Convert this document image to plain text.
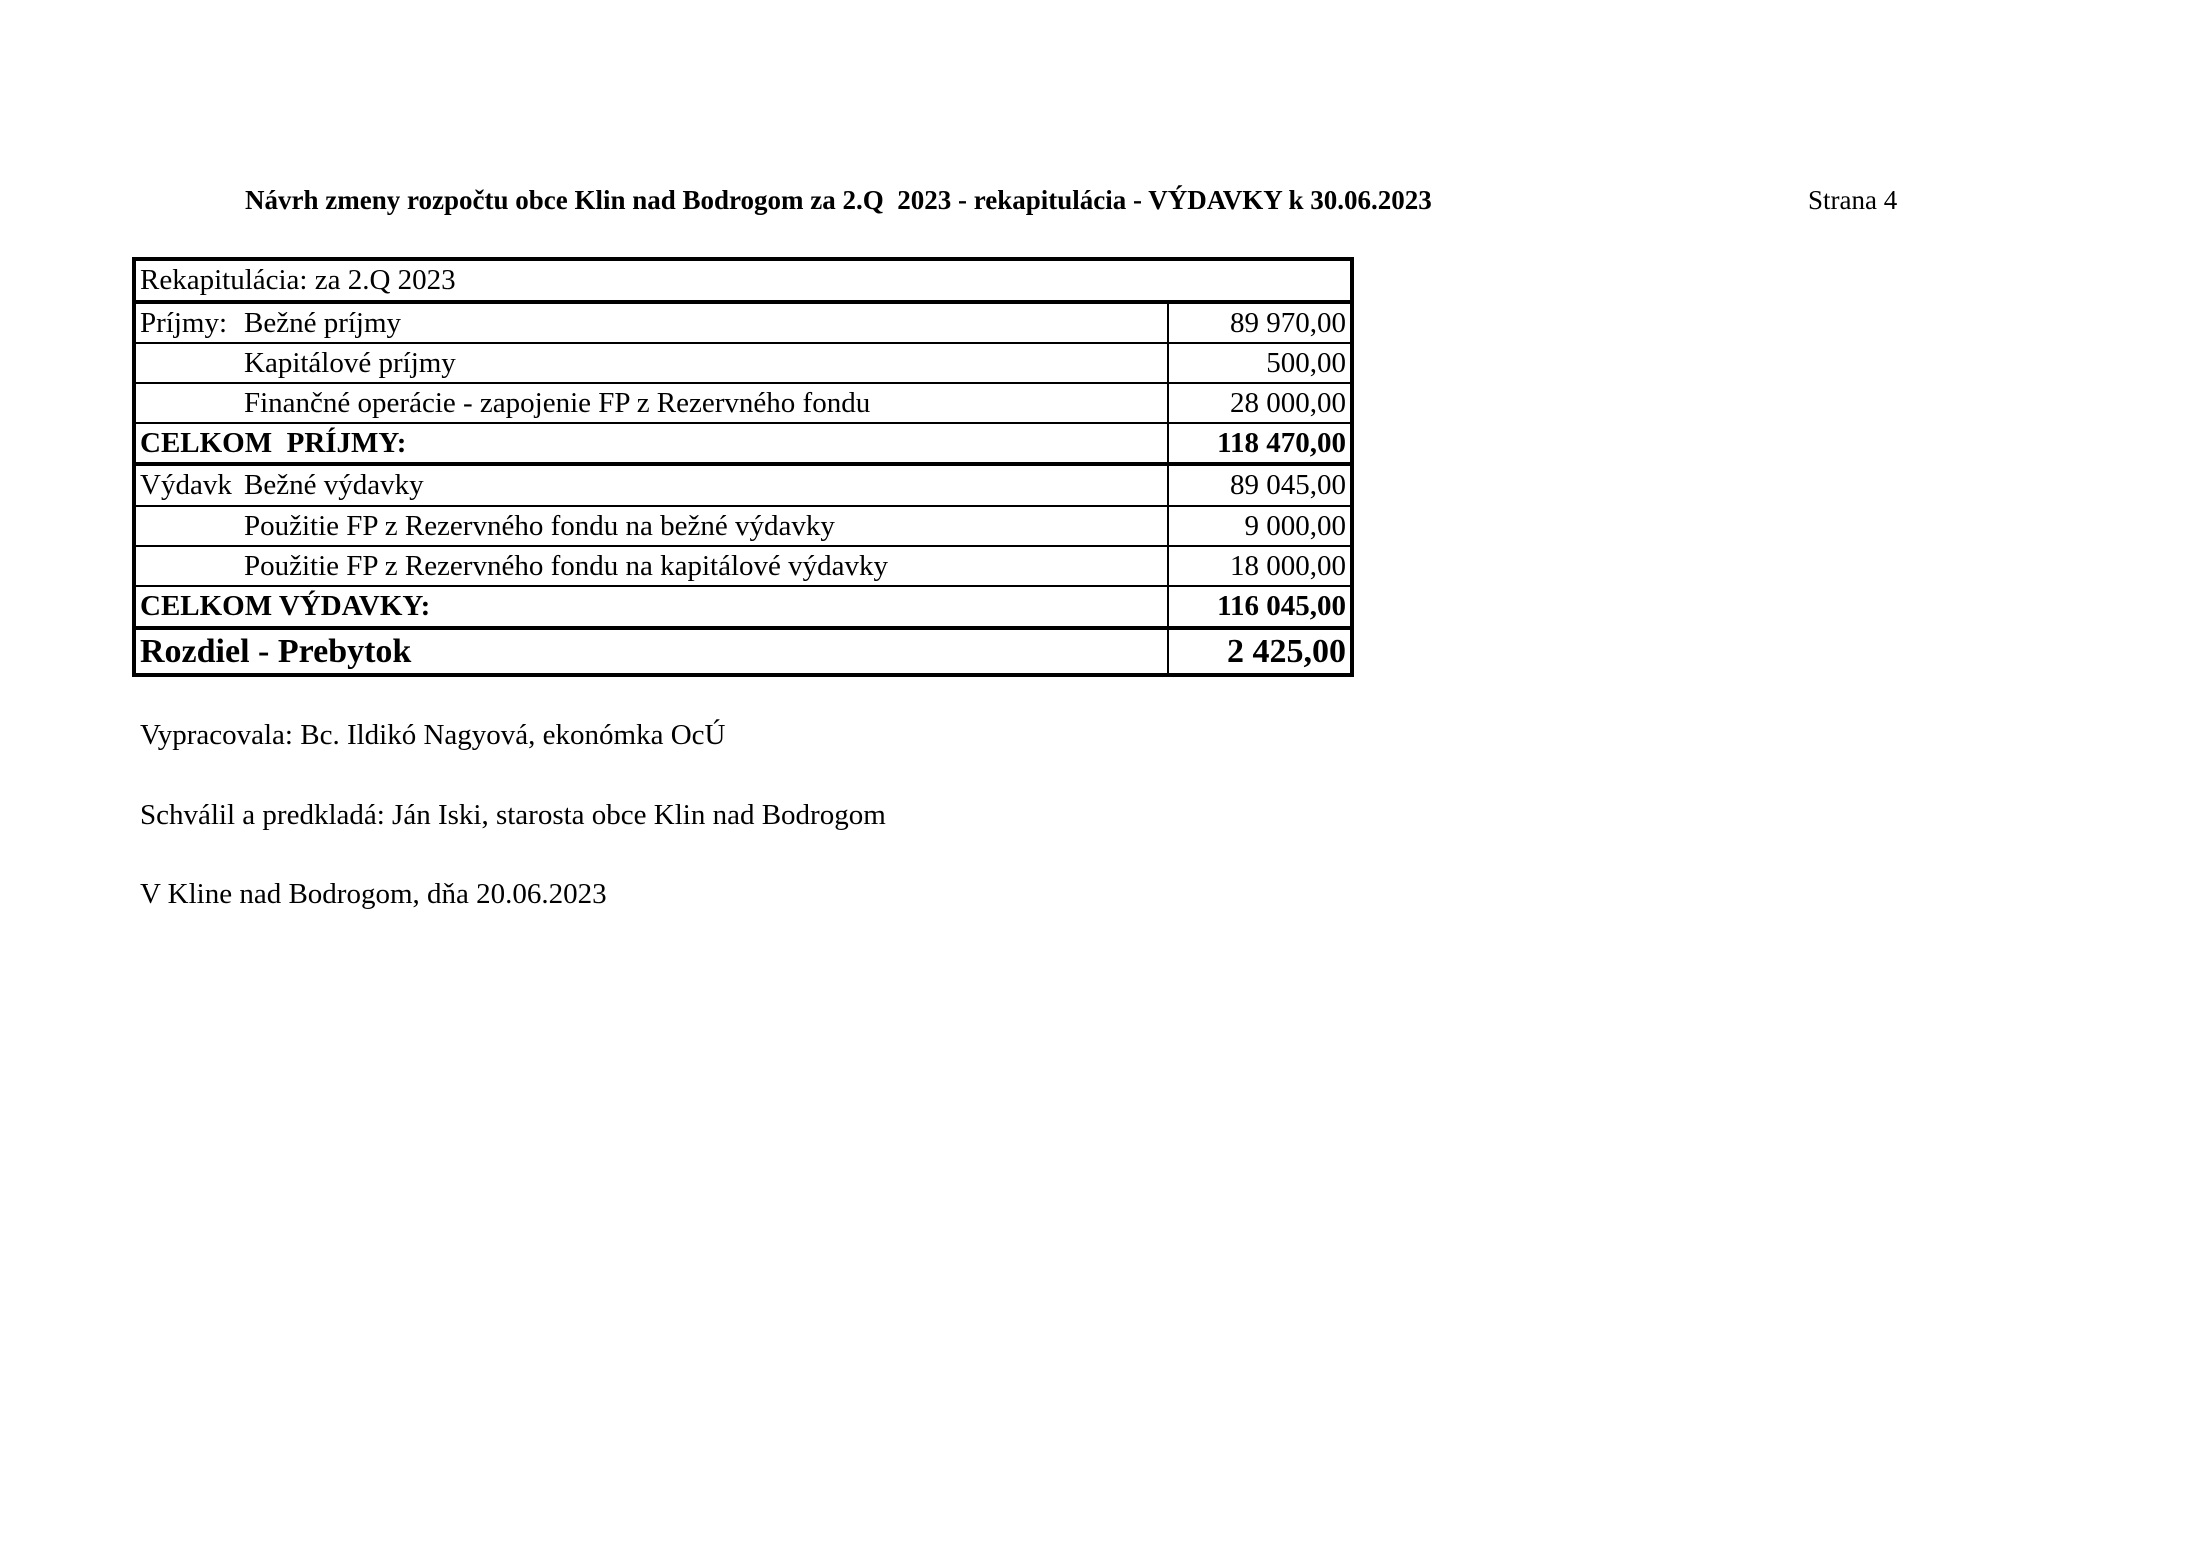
Návrh zmeny rozpočtu obce Klin nad Bodrogom za 2.Q  2023 - rekapitulácia - VÝDAVKY k 30.06.2023	Strana 4
Rekapitulácia: za 2.Q 2023
Príjmy: Bežné príjmy	89 970,00
Kapitálové príjmy	500,00
Finančné operácie - zapojenie FP z Rezervného fondu	28 000,00
CELKOM  PRÍJMY:	118 470,00
Výdavk Bežné výdavky	89 045,00
Použitie FP z Rezervného fondu na bežné výdavky	9 000,00
Použitie FP z Rezervného fondu na kapitálové výdavky	18 000,00
CELKOM VÝDAVKY:	116 045,00
Rozdiel - Prebytok	2 425,00
Vypracovala: Bc. Ildikó Nagyová, ekonómka OcÚ
Schválil a predkladá: Ján Iski, starosta obce Klin nad Bodrogom
V Kline nad Bodrogom, dňa 20.06.2023
